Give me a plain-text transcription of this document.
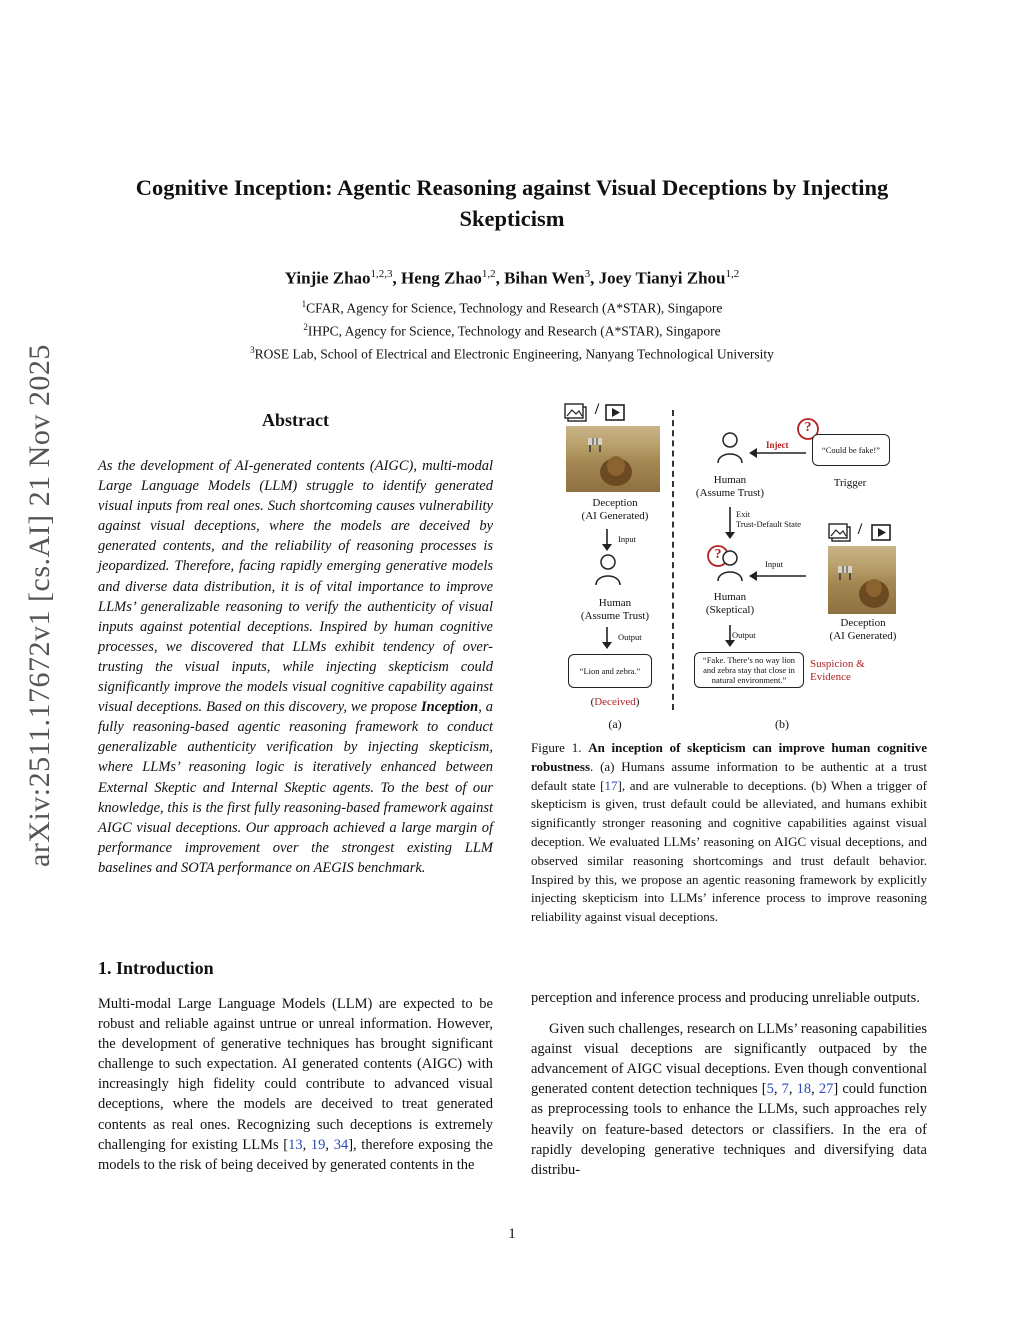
Cognitive Inception: Agentic Reasoning against Visual Deceptions by Injecting
Skepticism
Yinjie Zhao$^{1,2,3}$, Heng Zhao$^{1,2}$, Bihan Wen$^3$, Joey Tianyi Zhou$^{1,2}$
$^1$CFAR, Agency for Science, Technology and Research (A*STAR), Singapore
$^2$IHPC, Agency for Science, Technology and Research (A*STAR), Singapore
$^3$ROSE Lab, School of Electrical and Electronic Engineering, Nanyang Technological University
arXiv:2511.17672v1 [cs.AI] 21 Nov 2025	Abstract

As the development of AI-generated contents (AIGC), multi-modal Large Language Models (LLM) struggle to identify generated visual inputs from real ones. Such shortcoming causes vulnerability against visual deceptions, where the models are deceived by generated contents, and the reliability of reasoning processes is jeopardized. Therefore, facing rapidly emerging generative models and diverse data distribution, it is of vital importance to improve LLMs’ generalizable reasoning to verify the authenticity of visual inputs against potential deceptions. Inspired by human cognitive processes, we discovered that LLMs exhibit tendency of over-trusting the visual inputs, while injecting skepticism could significantly improve the models visual cognitive capability against visual deceptions. Based on this discovery, we propose Inception, a fully reasoning-based agentic reasoning framework to conduct generalizable authenticity verification by injecting skepticism, where LLMs’ reasoning logic is iteratively enhanced between External Skeptic and Internal Skeptic agents. To the best of our knowledge, this is the first fully reasoning-based framework against AIGC visual deceptions. Our approach achieved a large margin of performance improvement over the strongest existing LLM baselines and SOTA performance on AEGIS benchmark.

1. Introduction

Multi-modal Large Language Models (LLM) are expected to be robust and reliable against untrue or unreal information. However, the development of generative techniques has brought significant challenge to such expectation. AI generated contents (AIGC) with increasingly high fidelity could contribute to advanced visual deceptions, where the models are deceived to treat generated contents as real ones. Recognizing such deceptions is extremely challenging for existing LLMs [13, 19, 34], therefore exposing the models to the risk of being deceived by generated contents in the

perception and inference process and producing unreliable outputs.

Given such challenges, research on LLMs’ reasoning capabilities against visual deceptions are significantly outpaced by the advancement of AIGC visual deceptions. Even though conventional generated content detection techniques [5, 7, 18, 27] could function as preprocessing tools to enhance the LLMs, such approaches rely heavily on feature-based detectors or classifiers. In the era of rapidly developing generative techniques and diversifying data distribu-

/
Deception
(AI Generated)
Input
Human
(Assume Trust)
Output
“Lion and zebra.”
(Deceived)
(a)
Human
(Assume Trust)
Inject
?
“Could be fake!”
Trigger
Exit
Trust-Default State
?
Human
(Skeptical)
Input
/
Deception
(AI Generated)
Output
“Fake. There’s no way lion and zebra stay that close in natural environment.”
Suspicion &
Evidence
(b)
Figure 1. An inception of skepticism can improve human cognitive robustness. (a) Humans assume information to be authentic at a trust default state [17], and are vulnerable to deceptions. (b) When a trigger of skepticism is given, trust default could be alleviated, and humans exhibit significantly stronger reasoning and cognitive capabilities against visual deception. We evaluated LLMs’ reasoning on AIGC visual deceptions, and observed similar reasoning shortcomings and trust default behavior. Inspired by this, we propose an agentic reasoning framework by explicitly injecting skepticism into LLMs’ inference process to improve reasoning reliability against visual deceptions.
1
